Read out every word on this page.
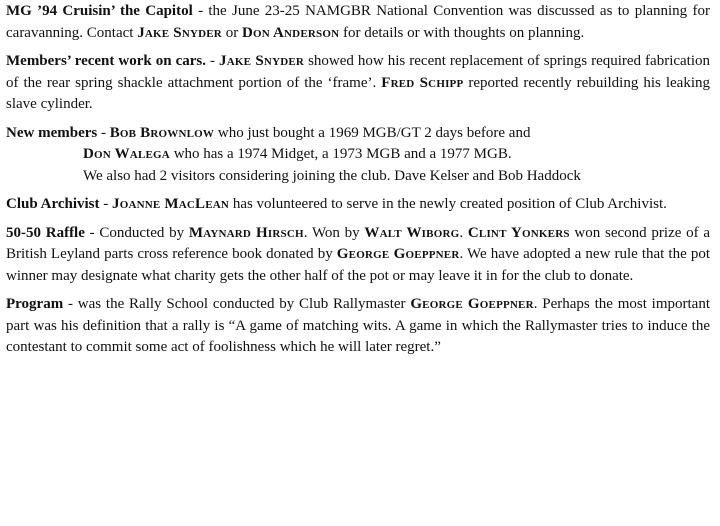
MG ’94 Cruisin’ the Capitol - the June 23-25 NAMGBR National Convention was discussed as to planning for caravanning. Contact Jake Snyder or Don Anderson for details or with thoughts on planning.

Members’ recent work on cars. - Jake Snyder showed how his recent replacement of springs required fabrication of the rear spring shackle attachment portion of the ‘frame’. Fred Schipp reported recently rebuilding his leaking slave cylinder.

New members - Bob Brownlow who just bought a 1969 MGB/GT 2 days before and
Don Walega who has a 1974 Midget, a 1973 MGB and a 1977 MGB.
We also had 2 visitors considering joining the club. Dave Kelser and Bob Haddock

Club Archivist - Joanne MacLean has volunteered to serve in the newly created position of Club Archivist.

50-50 Raffle - Conducted by Maynard Hirsch. Won by Walt Wiborg. Clint Yonkers won second prize of a British Leyland parts cross reference book donated by George Goeppner. We have adopted a new rule that the pot winner may designate what charity gets the other half of the pot or may leave it in for the club to donate.

Program - was the Rally School conducted by Club Rallymaster George Goeppner. Perhaps the most important part was his definition that a rally is “A game of matching wits. A game in which the Rallymaster tries to induce the contestant to commit some act of foolishness which he will later regret.”
